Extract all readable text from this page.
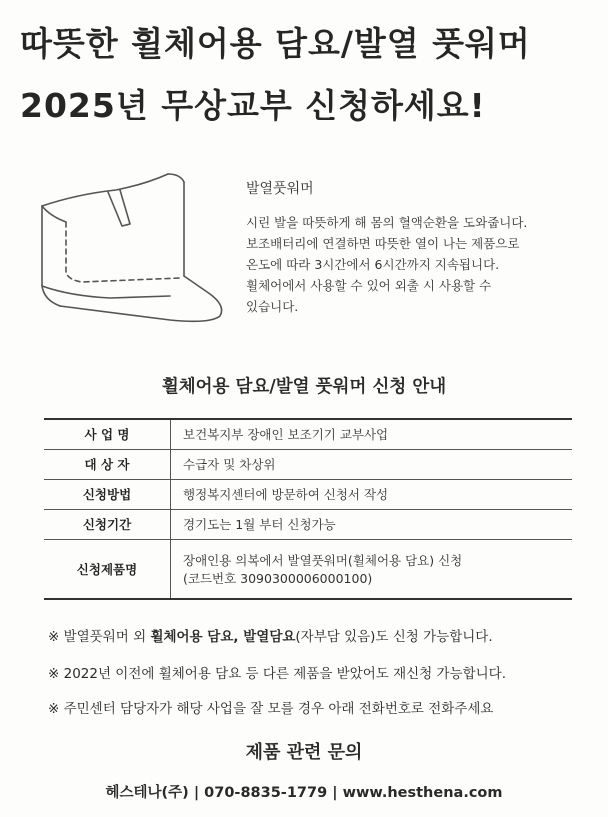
따뜻한 휠체어용 담요/발열 풋워머
2025년 무상교부 신청하세요!
발열풋워머
시린 발을 따뜻하게 해 몸의 혈액순환을 도와줍니다.
보조배터리에 연결하면 따뜻한 열이 나는 제품으로
온도에 따라 3시간에서 6시간까지 지속됩니다.
휠체어에서 사용할 수 있어 외출 시 사용할 수
있습니다.
휠체어용 담요/발열 풋워머 신청 안내
사 업 명	보건복지부 장애인 보조기기 교부사업

대 상 자	수급자 및 차상위

신청방법	행정복지센터에 방문하여 신청서 작성

신청기간	경기도는 1월 부터 신청가능

신청제품명	장애인용 의복에서 발열풋워머(휠체어용 담요) 신청
(코드번호 3090300006000100)
※ 발열풋워머 외 휠체어용 담요, 발열담요(자부담 있음)도 신청 가능합니다.
※ 2022년 이전에 휠체어용 담요 등 다른 제품을 받았어도 재신청 가능합니다.
※ 주민센터 담당자가 해당 사업을 잘 모를 경우 아래 전화번호로 전화주세요
제품 관련 문의
헤스테나(주) | 070-8835-1779 | www.hesthena.com
